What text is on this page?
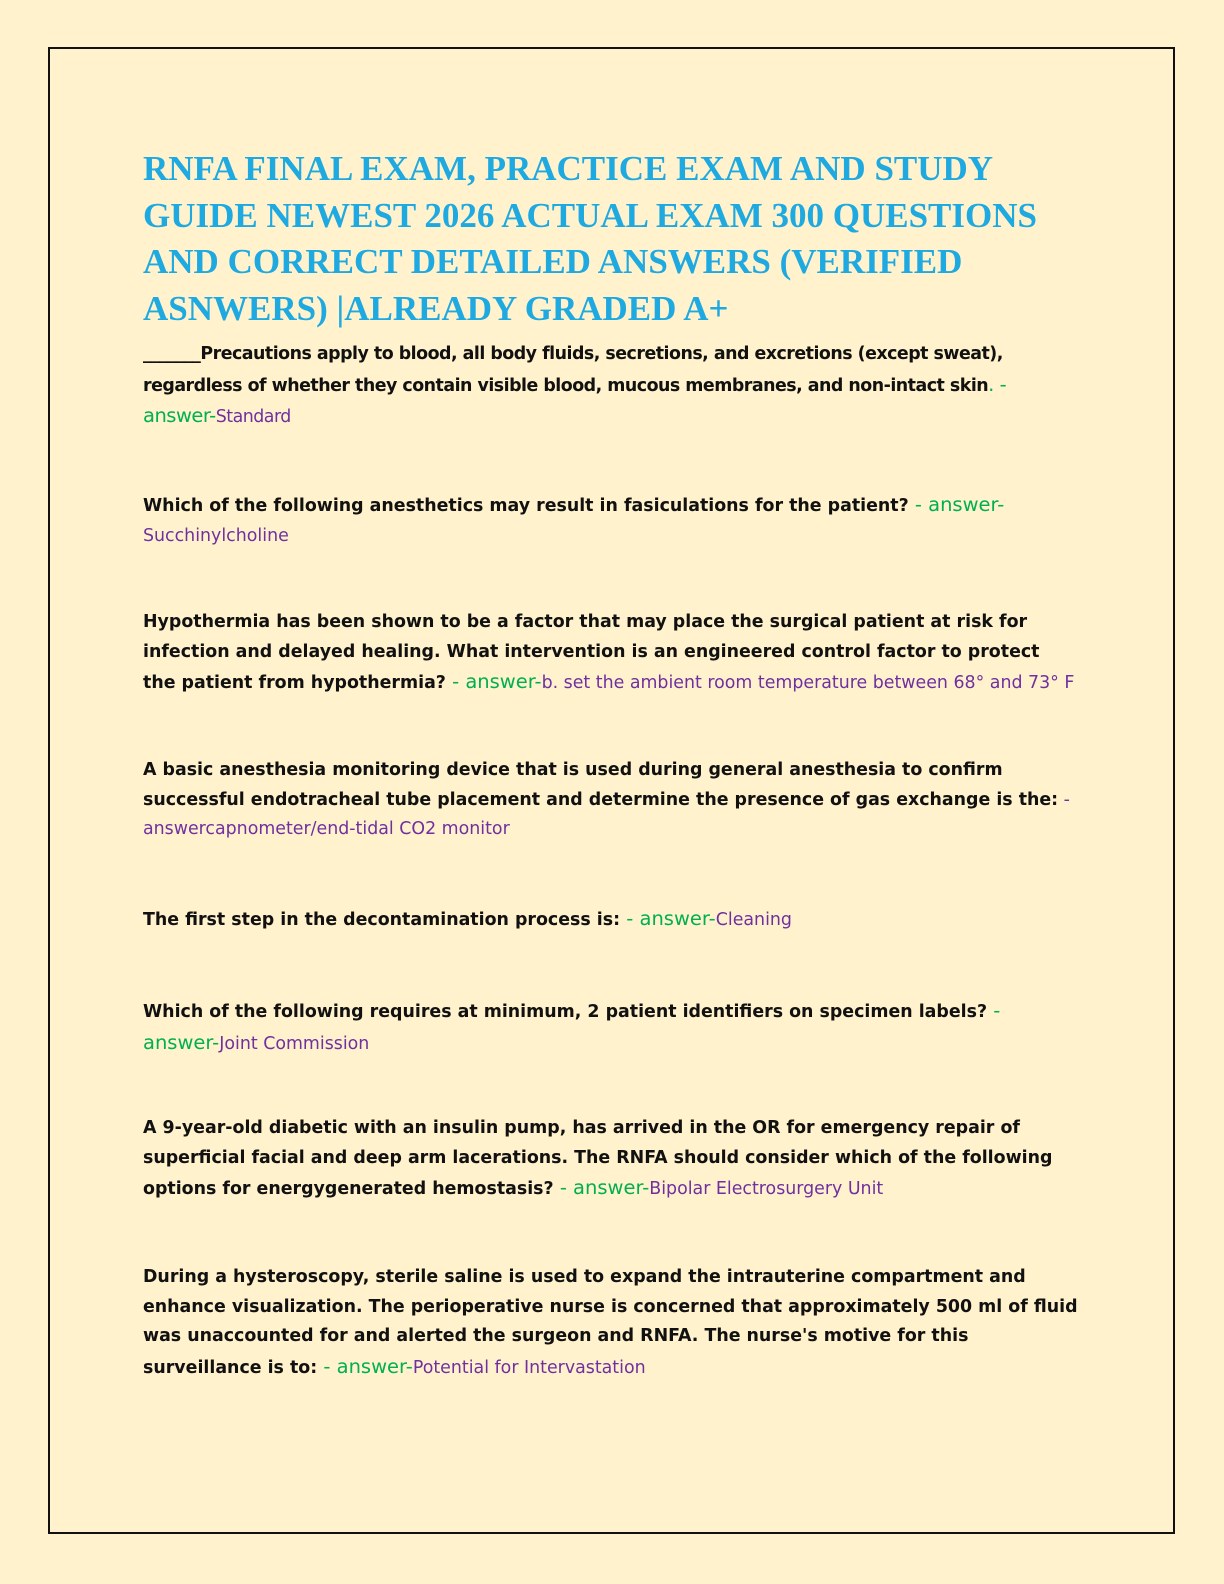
RNFA FINAL EXAM, PRACTICE EXAM AND STUDY GUIDE NEWEST 2026 ACTUAL EXAM 300 QUESTIONS AND CORRECT DETAILED ANSWERS (VERIFIED ASNWERS) |ALREADY GRADED A+

_______Precautions apply to blood, all body fluids, secretions, and excretions (except sweat), regardless of whether they contain visible blood, mucous membranes, and non-intact skin. - answer-Standard

Which of the following anesthetics may result in fasiculations for the patient? - answer-Succhinylcholine

Hypothermia has been shown to be a factor that may place the surgical patient at risk for infection and delayed healing. What intervention is an engineered control factor to protect the patient from hypothermia? - answer-b. set the ambient room temperature between 68° and 73° F

A basic anesthesia monitoring device that is used during general anesthesia to confirm successful endotracheal tube placement and determine the presence of gas exchange is the: -
answercapnometer/end-tidal CO2 monitor

The first step in the decontamination process is: - answer-Cleaning

Which of the following requires at minimum, 2 patient identifiers on specimen labels? - answer-Joint Commission

A 9-year-old diabetic with an insulin pump, has arrived in the OR for emergency repair of superficial facial and deep arm lacerations. The RNFA should consider which of the following options for energygenerated hemostasis? - answer-Bipolar Electrosurgery Unit

During a hysteroscopy, sterile saline is used to expand the intrauterine compartment and enhance visualization. The perioperative nurse is concerned that approximately 500 ml of fluid was unaccounted for and alerted the surgeon and RNFA. The nurse's motive for this surveillance is to: - answer-Potential for Intervastation
